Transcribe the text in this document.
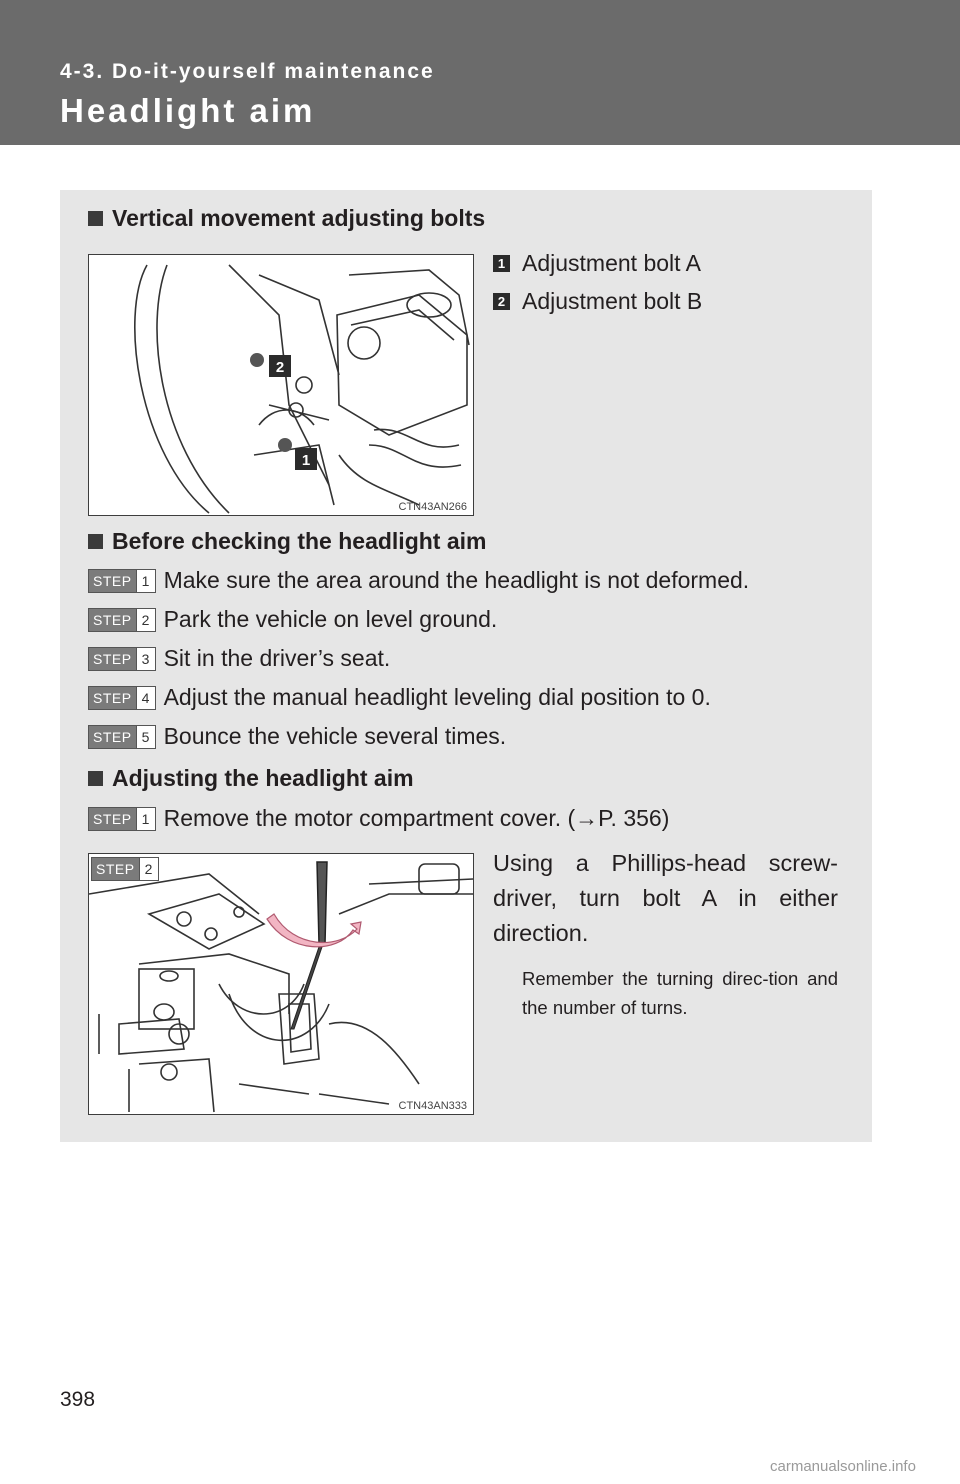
4-3. Do-it-yourself maintenance
Headlight aim
Vertical movement adjusting bolts
2
1
CTN43AN266
1 Adjustment bolt A
2 Adjustment bolt B
Before checking the headlight aim
STEP 1 Make sure the area around the headlight is not deformed.
STEP 2 Park the vehicle on level ground.
STEP 3 Sit in the driver’s seat.
STEP 4 Adjust the manual headlight leveling dial position to 0.
STEP 5 Bounce the vehicle several times.
Adjusting the headlight aim
STEP 1 Remove the motor compartment cover. (→P. 356)
CTN43AN333
STEP 2	Using a Phillips-head screw-driver, turn bolt A in either direction.

Remember the turning direc-tion and the number of turns.

398
carmanualsonline.info
